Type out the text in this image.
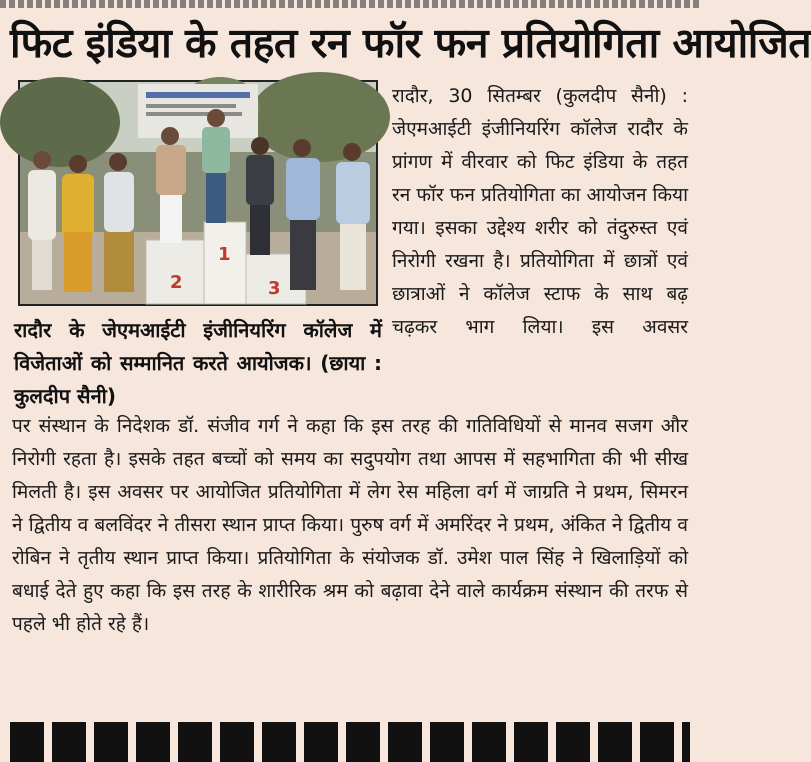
फिट इंडिया के तहत रन फॉर फन प्रतियोगिता आयोजित
2
1
3

रादौर के जेएमआईटी इंजीनियरिंग कॉलेज में विजेताओं को सम्मानित करते आयोजक। (छाया : कुलदीप सैनी)

रादौर, 30 सितम्बर (कुलदीप सैनी) : जेएमआईटी इंजीनियरिंग कॉलेज रादौर के प्रांगण में वीरवार को फिट इंडिया के तहत रन फॉर फन प्रतियोगिता का आयोजन किया गया। इसका उद्देश्य शरीर को तंदुरुस्त एवं निरोगी रखना है। प्रतियोगिता में छात्रों एवं छात्राओं ने कॉलेज स्टाफ के साथ बढ़ चढ़कर भाग लिया। इस अवसर

पर संस्थान के निदेशक डॉ. संजीव गर्ग ने कहा कि इस तरह की गतिविधियों से मानव सजग और निरोगी रहता है। इसके तहत बच्चों को समय का सदुपयोग तथा आपस में सहभागिता की भी सीख मिलती है। इस अवसर पर आयोजित प्रतियोगिता में लेग रेस महिला वर्ग में जाग्रति ने प्रथम, सिमरन ने द्वितीय व बलविंदर ने तीसरा स्थान प्राप्त किया। पुरुष वर्ग में अमरिंदर ने प्रथम, अंकित ने द्वितीय व रोबिन ने तृतीय स्थान प्राप्त किया। प्रतियोगिता के संयोजक डॉ. उमेश पाल सिंह ने खिलाड़ियों को बधाई देते हुए कहा कि इस तरह के शारीरिक श्रम को बढ़ावा देने वाले कार्यक्रम संस्थान की तरफ से पहले भी होते रहे हैं।
